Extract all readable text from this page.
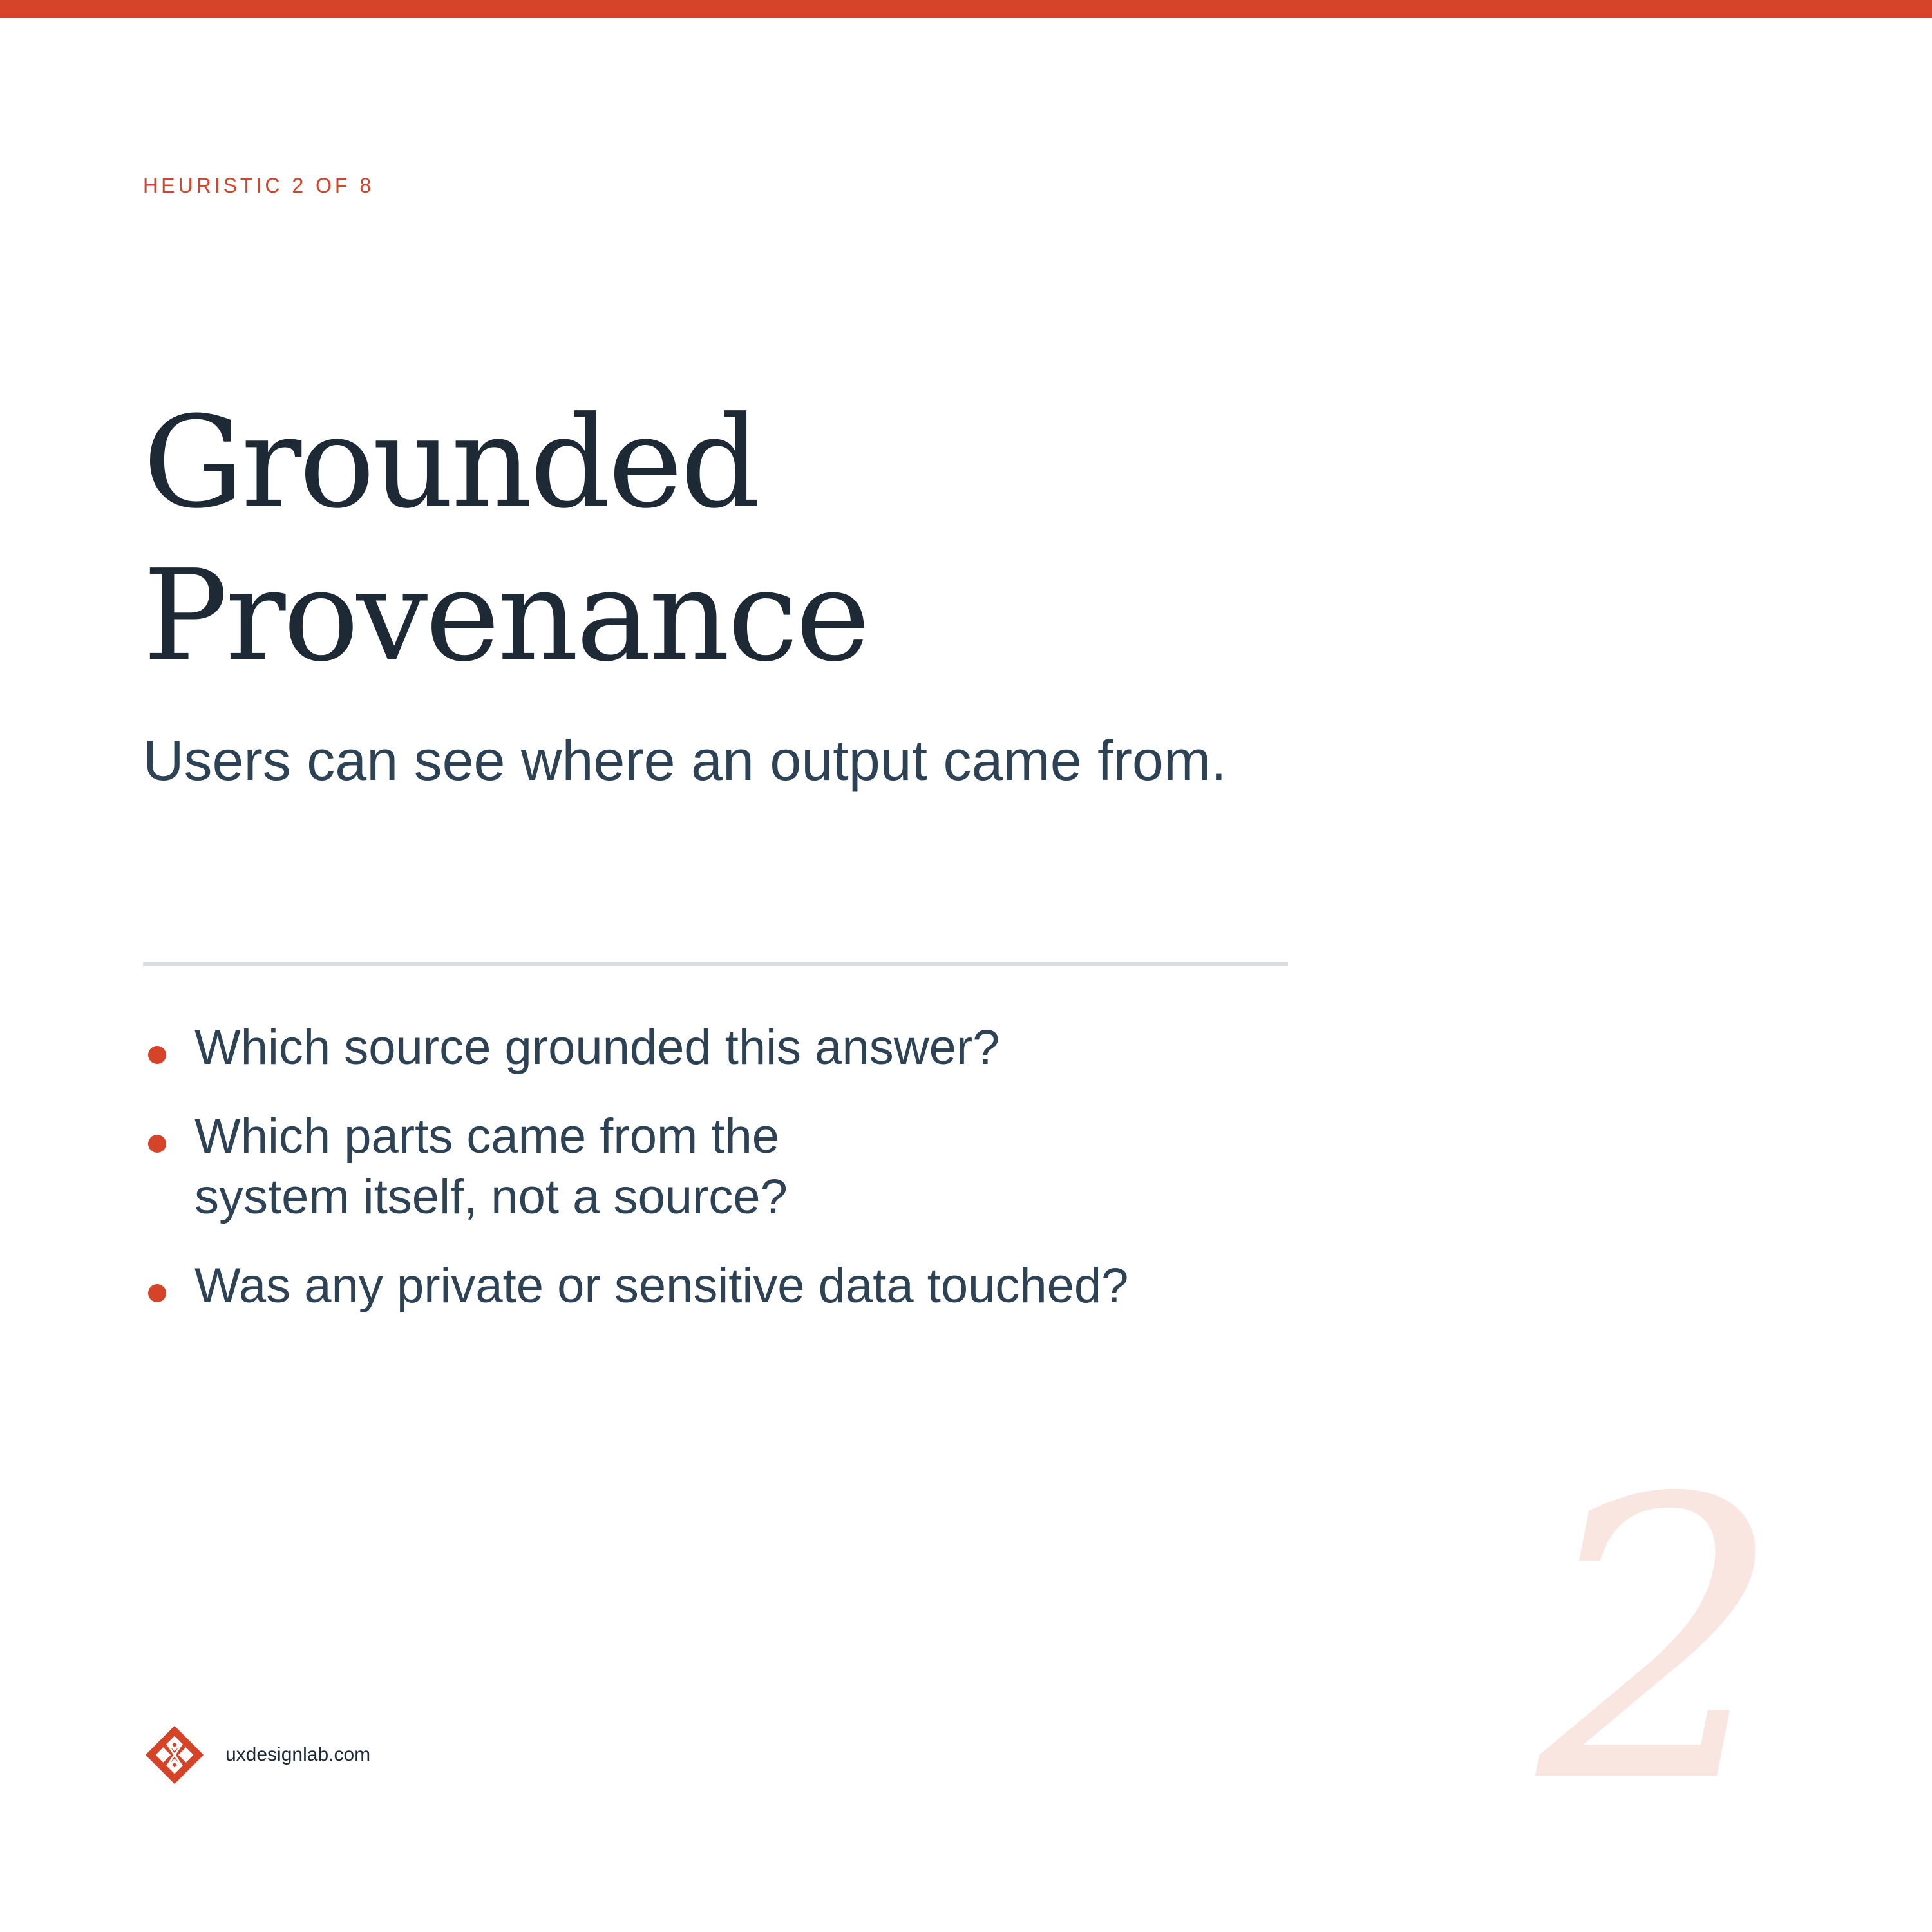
HEURISTIC 2 OF 8
Grounded
Provenance
Users can see where an output came from.
Which source grounded this answer?
Which parts came from the
system itself, not a source?
Was any private or sensitive data touched?
2
uxdesignlab.com
